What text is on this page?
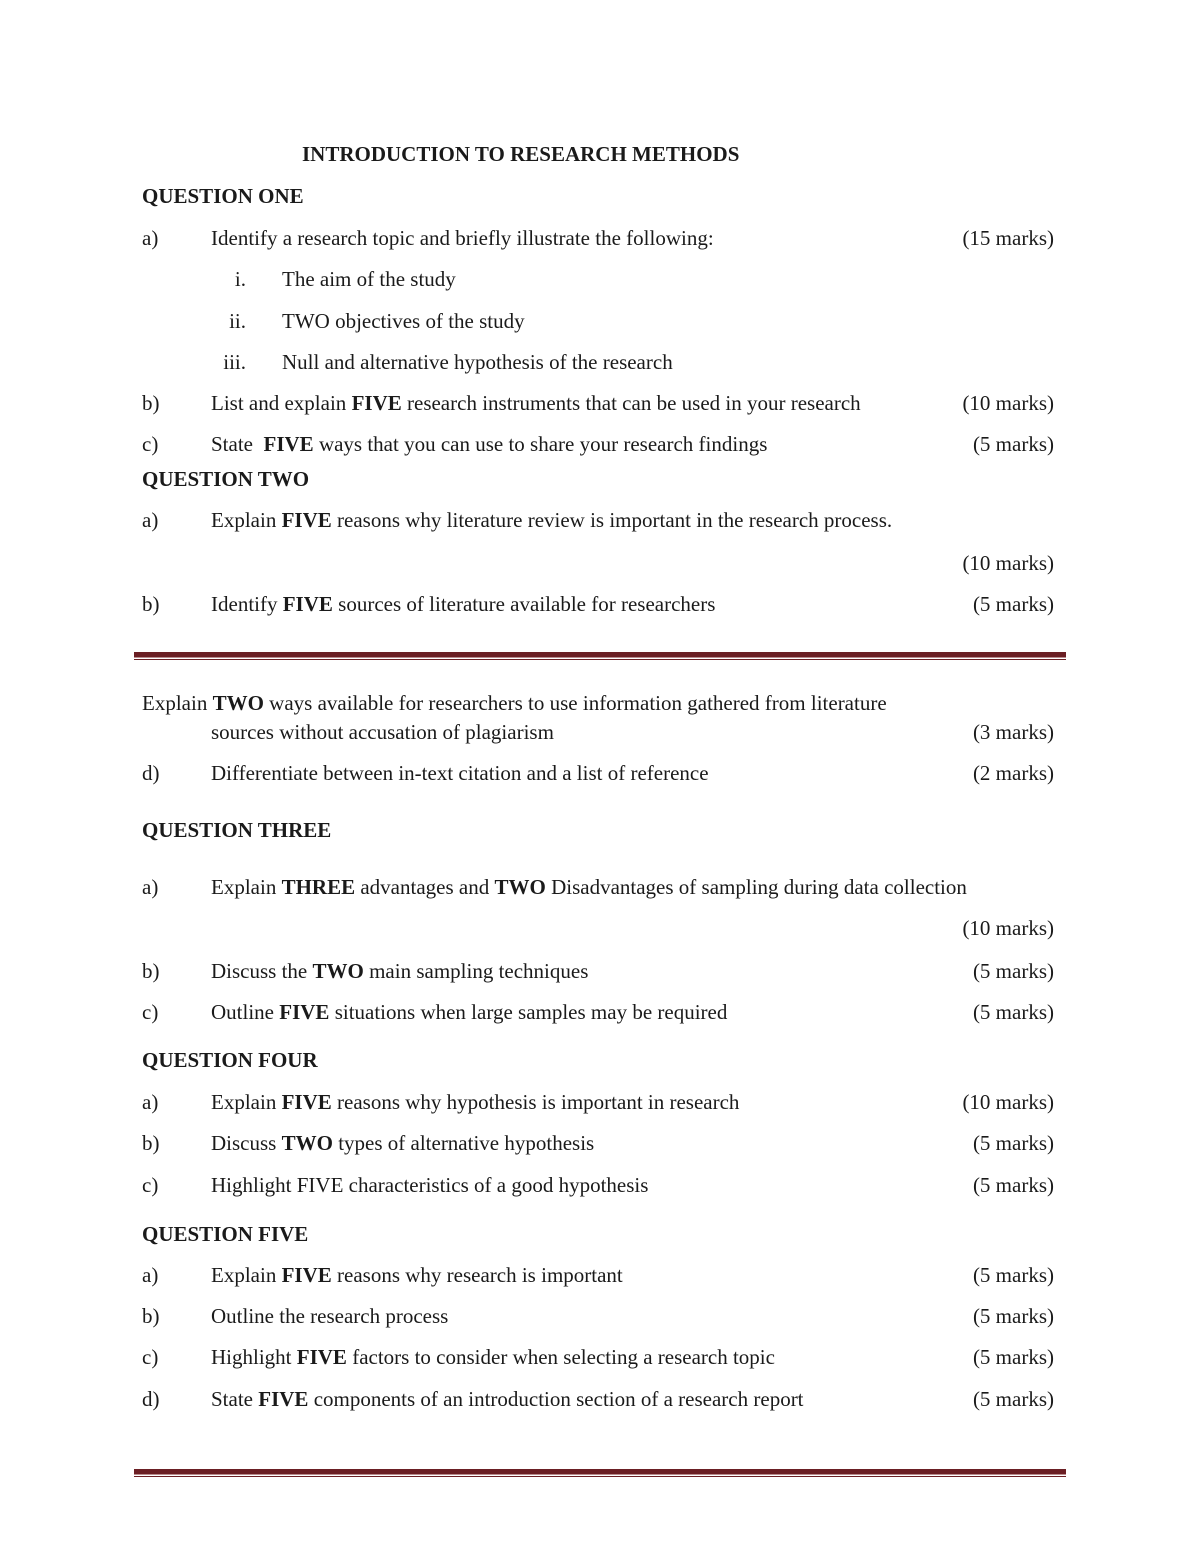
INTRODUCTION TO RESEARCH METHODS
QUESTION ONE
a)	Identify a research topic and briefly illustrate the following:	(15 marks)
i. The aim of the study
ii. TWO objectives of the study
iii. Null and alternative hypothesis of the research
b) List and explain FIVE research instruments that can be used in your research	(10 marks)
c)	State  FIVE ways that you can use to share your research findings	(5 marks)
QUESTION TWO
a)	Explain FIVE reasons why literature review is important in the research process.
(10 marks)
b) Identify FIVE sources of literature available for researchers	(5 marks)
Explain TWO ways available for researchers to use information gathered from literature
sources without accusation of plagiarism	(3 marks)
d) Differentiate between in-text citation and a list of reference	(2 marks)
QUESTION THREE
a)	Explain THREE advantages and TWO Disadvantages of sampling during data collection
(10 marks)
b) Discuss the TWO main sampling techniques	(5 marks)
c)	Outline FIVE situations when large samples may be required	(5 marks)
QUESTION FOUR
a)	Explain FIVE reasons why hypothesis is important in research	(10 marks)
b) Discuss TWO types of alternative hypothesis	(5 marks)
c)	Highlight FIVE characteristics of a good hypothesis	(5 marks)
QUESTION FIVE
a)	Explain FIVE reasons why research is important	(5 marks)
b) Outline the research process	(5 marks)
c)	Highlight FIVE factors to consider when selecting a research topic	(5 marks)
d) State FIVE components of an introduction section of a research report	(5 marks)
